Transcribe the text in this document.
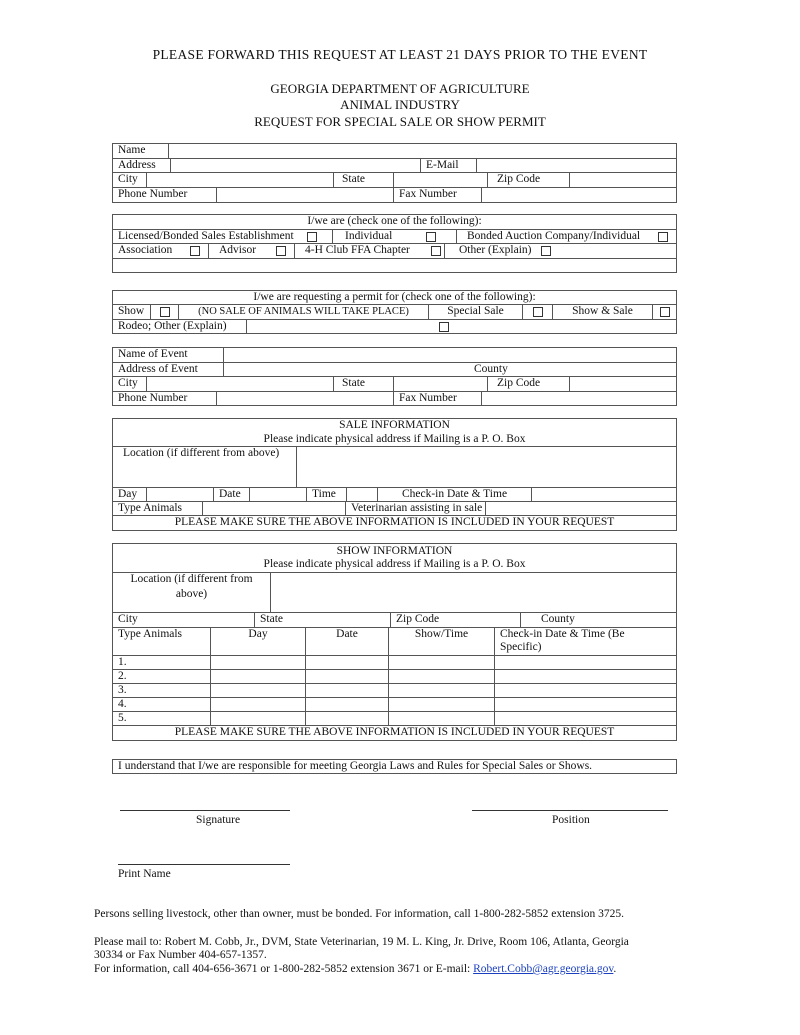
PLEASE FORWARD THIS REQUEST AT LEAST 21 DAYS PRIOR TO THE EVENT
GEORGIA DEPARTMENT OF AGRICULTURE
ANIMAL INDUSTRY
REQUEST FOR SPECIAL SALE OR SHOW PERMIT
Name
Address	E-Mail
City	State	Zip Code
Phone Number	Fax Number
I/we are (check one of the following):
Licensed/Bonded Sales Establishment	Individual	Bonded Auction Company/Individual
Association	Advisor	4-H Club FFA Chapter	Other (Explain)
I/we are requesting a permit for (check one of the following):
Show	(NO SALE OF ANIMALS WILL TAKE PLACE)	Special Sale	Show & Sale
Rodeo; Other (Explain)
Name of Event
Address of Event	County
City	State	Zip Code
Phone Number	Fax Number
SALE INFORMATION
Please indicate physical address if Mailing is a P. O. Box
Location (if different from above)
Day	Date	Time	Check-in Date & Time
Type Animals	Veterinarian assisting in sale
PLEASE MAKE SURE THE ABOVE INFORMATION IS INCLUDED IN YOUR REQUEST
SHOW INFORMATION
Please indicate physical address if Mailing is a P. O. Box
Location (if different from
above)
City	State	Zip Code	County
Type Animals	Day	Date	Show/Time	Check-in Date & Time (Be
Specific)
1.
2.
3.
4.
5.
PLEASE MAKE SURE THE ABOVE INFORMATION IS INCLUDED IN YOUR REQUEST
I understand that I/we are responsible for meeting Georgia Laws and Rules for Special Sales or Shows.
Signature	Position
Print Name
Persons selling livestock, other than owner, must be bonded. For information, call 1-800-282-5852 extension 3725.
Please mail to: Robert M. Cobb, Jr., DVM, State Veterinarian, 19 M. L. King, Jr. Drive, Room 106, Atlanta, Georgia
30334 or Fax Number 404-657-1357.
For information, call 404-656-3671 or 1-800-282-5852 extension 3671 or E-mail: Robert.Cobb@agr.georgia.gov.
